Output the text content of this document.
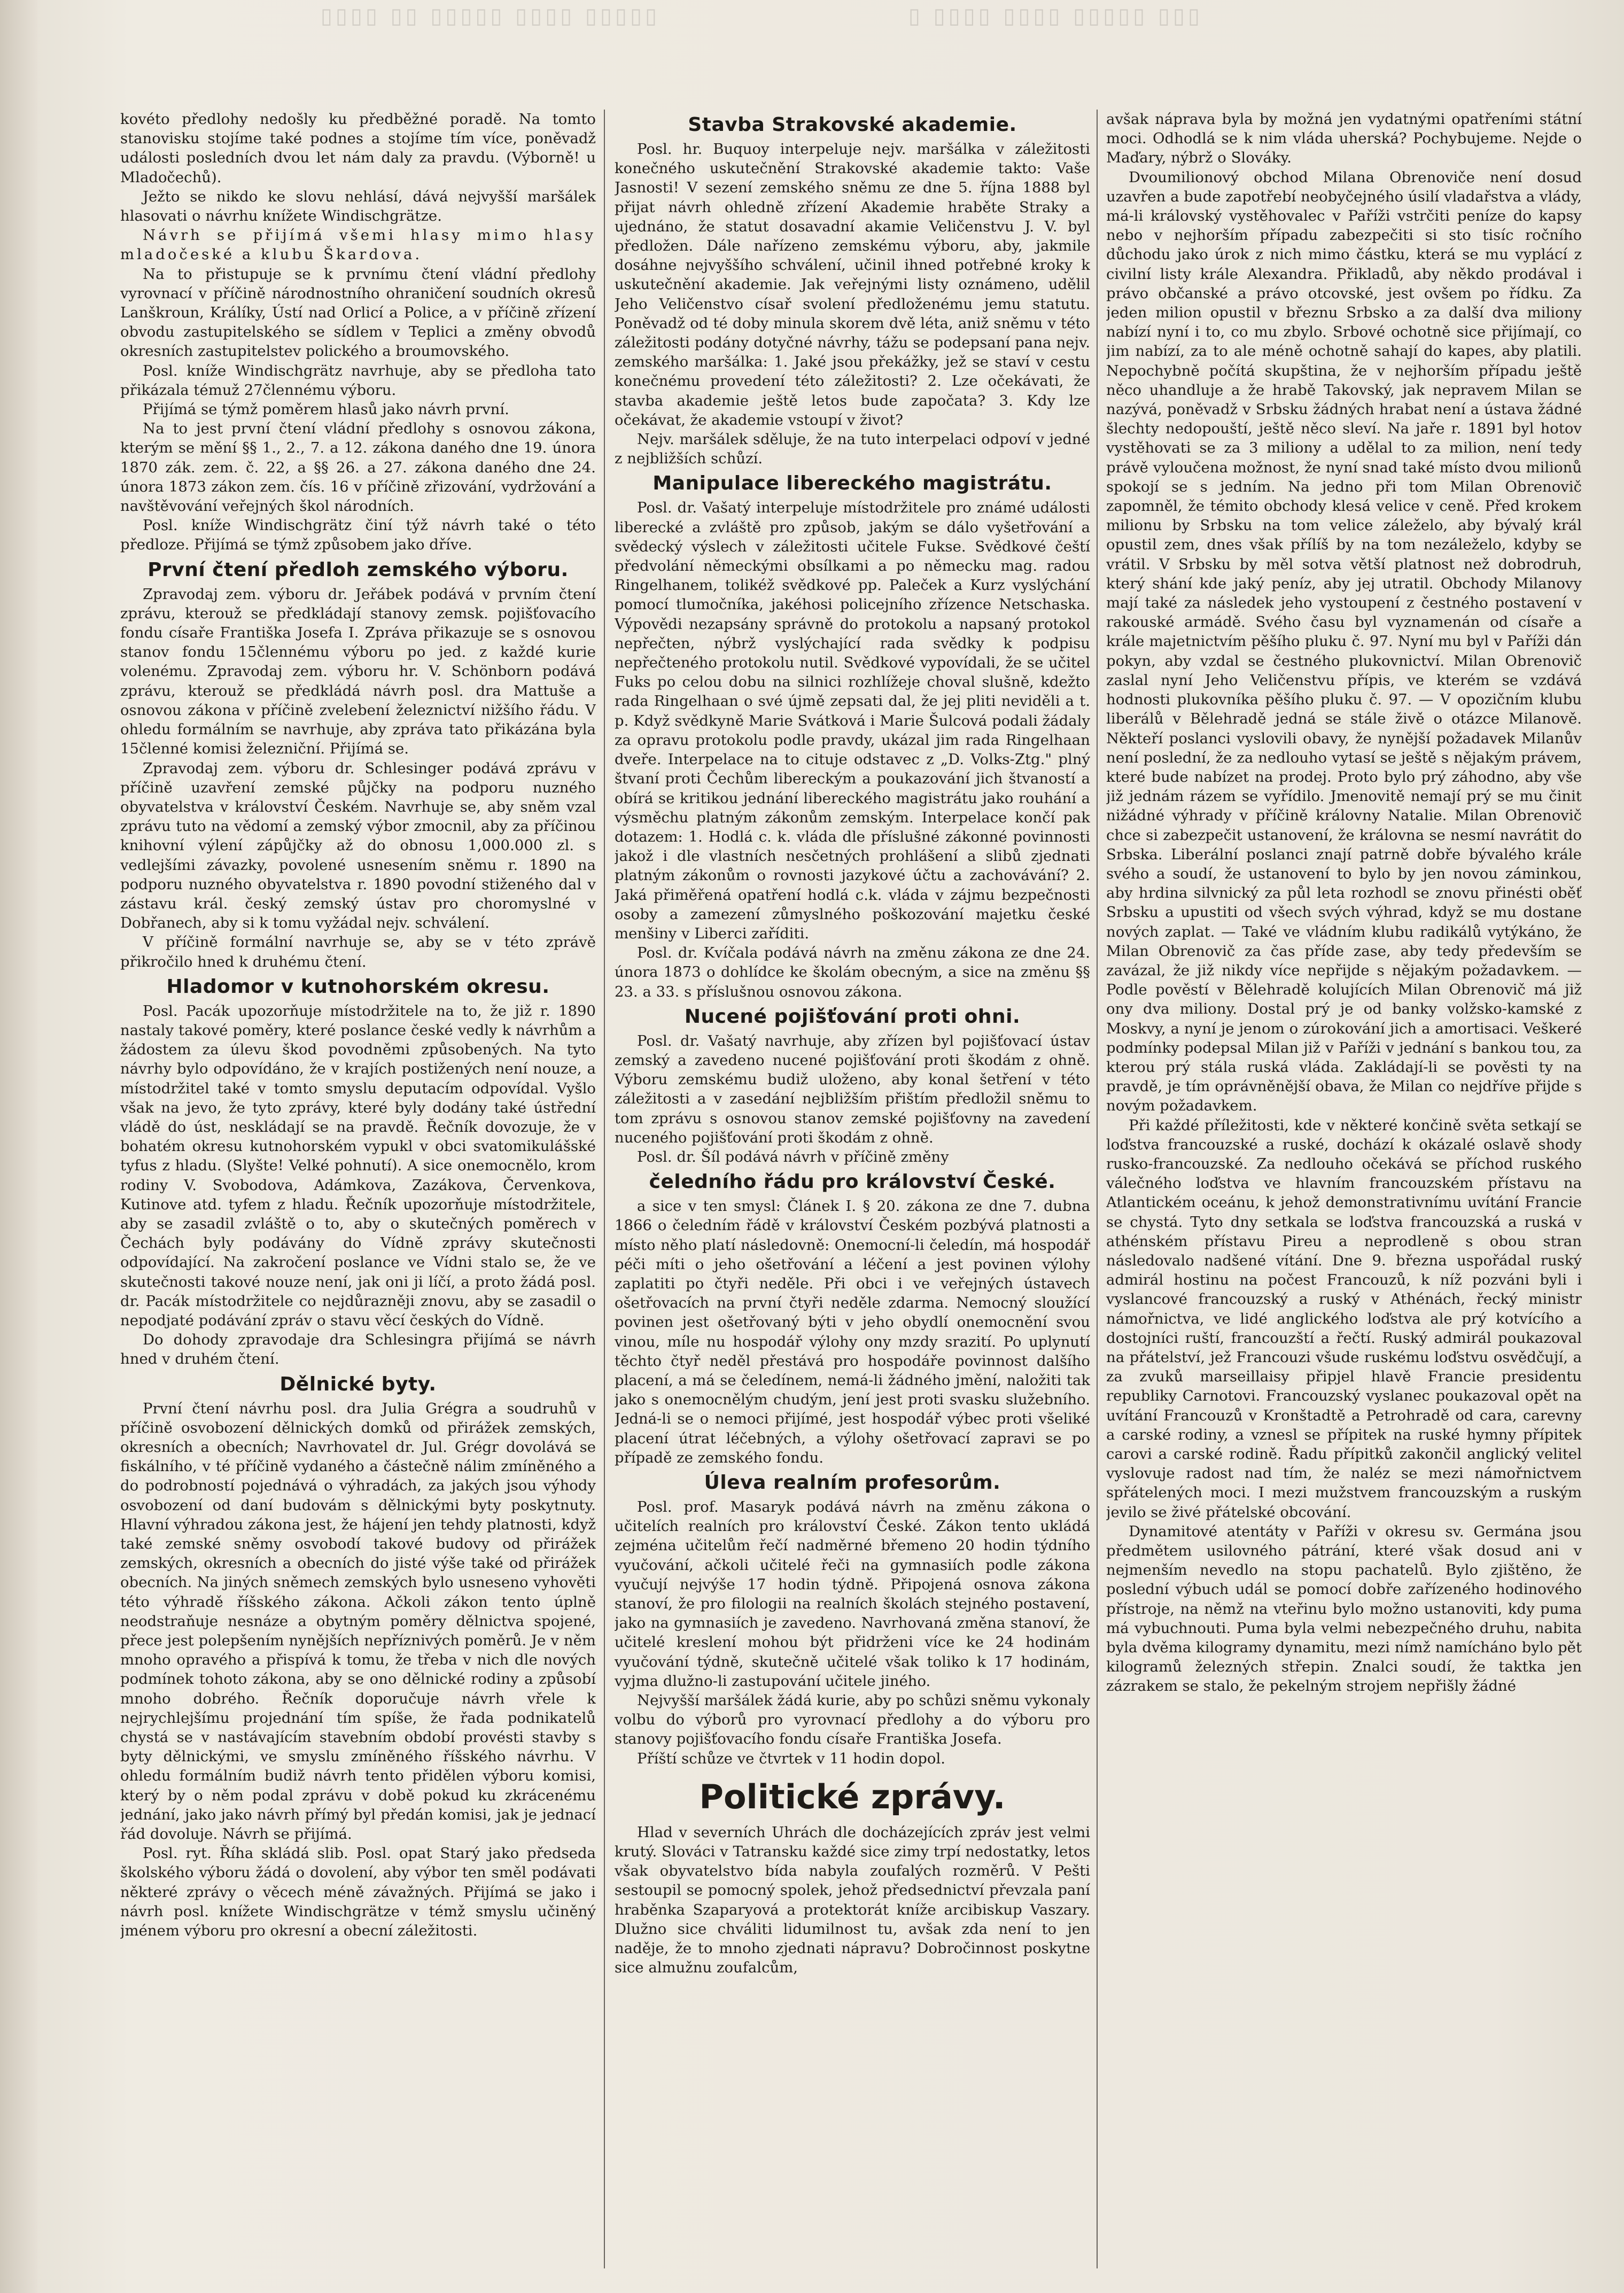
▯▯▯▯ ▯▯ ▯▯▯▯▯ ▯▯▯▯ ▯▯▯▯▯	▯ ▯▯▯▯ ▯▯▯▯ ▯▯▯▯▯ ▯▯▯

kovéto předlohy nedošly ku předběžné poradě. Na tomto stanovisku stojíme také podnes a stojíme tím více, poněvadž události posledních dvou let nám daly za pravdu. (Výborně! u Mladočechů).

Ježto se nikdo ke slovu nehlásí, dává nejvyšší maršálek hlasovati o návrhu knížete Windischgrätze.

Návrh se přijímá všemi hlasy mimo hlasy mladočeské a klubu Škardova.

Na to přistupuje se k prvnímu čtení vládní předlohy vyrovnací v příčině národnostního ohraničení soudních okresů Lanškroun, Králíky, Ústí nad Orlicí a Police, a v příčině zřízení obvodu zastupitelského se sídlem v Teplici a změny obvodů okresních zastupitelstev polického a broumovského.

Posl. kníže Windischgrätz navrhuje, aby se předloha tato přikázala témuž 27člennému výboru.

Přijímá se týmž poměrem hlasů jako návrh první.

Na to jest první čtení vládní předlohy s osnovou zákona, kterým se mění §§ 1., 2., 7. a 12. zákona daného dne 19. února 1870 zák. zem. č. 22, a §§ 26. a 27. zákona daného dne 24. února 1873 zákon zem. čís. 16 v příčině zřizování, vydržování a navštěvování veřejných škol národních.

Posl. kníže Windischgrätz činí týž návrh také o této předloze. Přijímá se týmž způsobem jako dříve.

První čtení předloh zemského výboru.

Zpravodaj zem. výboru dr. Jeřábek podává v prvním čtení zprávu, kterouž se předkládají stanovy zemsk. pojišťovacího fondu císaře Františka Josefa I. Zpráva přikazuje se s osnovou stanov fondu 15člennému výboru po jed. z každé kurie volenému. Zpravodaj zem. výboru hr. V. Schönborn podává zprávu, kterouž se předkládá návrh posl. dra Mattuše a osnovou zákona v příčině zvelebení železnictví nižšího řádu. V ohledu formálním se navrhuje, aby zpráva tato přikázána byla 15členné komisi železniční. Přijímá se.

Zpravodaj zem. výboru dr. Schlesinger podává zprávu v příčině uzavření zemské půjčky na podporu nuzného obyvatelstva v království Českém. Navrhuje se, aby sněm vzal zprávu tuto na vědomí a zemský výbor zmocnil, aby za příčinou knihovní výlení zápůjčky až do obnosu 1,000.000 zl. s vedlejšími závazky, povolené usnesením sněmu r. 1890 na podporu nuzného obyvatelstva r. 1890 povodní stiženého dal v zástavu král. český zemský ústav pro choromyslné v Dobřanech, aby si k tomu vyžádal nejv. schválení.

V příčině formální navrhuje se, aby se v této zprávě přikročilo hned k druhému čtení.

Hladomor v kutnohorském okresu.

Posl. Pacák upozorňuje místodržitele na to, že již r. 1890 nastaly takové poměry, které poslance české vedly k návrhům a žádostem za úlevu škod povodněmi způsobených. Na tyto návrhy bylo odpovídáno, že v krajích postižených není nouze, a místodržitel také v tomto smyslu deputacím odpovídal. Vyšlo však na jevo, že tyto zprávy, které byly dodány také ústřední vládě do úst, neskládají se na pravdě. Řečník dovozuje, že v bohatém okresu kutnohorském vypukl v obci svatomikulášské tyfus z hladu. (Slyšte! Velké pohnutí). A sice onemocnělo, krom rodiny V. Svobodova, Adámkova, Zazákova, Červenkova, Kutinove atd. tyfem z hladu. Řečník upozorňuje místodržitele, aby se zasadil zvláště o to, aby o skutečných poměrech v Čechách byly podávány do Vídně zprávy skutečnosti odpovídající. Na zakročení poslance ve Vídni stalo se, že ve skutečnosti takové nouze není, jak oni ji líčí, a proto žádá posl. dr. Pacák místodržitele co nejdůrazněji znovu, aby se zasadil o nepodjaté podávání zpráv o stavu věcí českých do Vídně.

Do dohody zpravodaje dra Schlesingra přijímá se návrh hned v druhém čtení.

Dělnické byty.

První čtení návrhu posl. dra Julia Grégra a soudruhů v příčině osvobození dělnických domků od přirážek zemských, okresních a obecních; Navrhovatel dr. Jul. Grégr dovolává se fiskálního, v té příčině vydaného a částečně nálim zmíněného a do podrobností pojednává o výhradách, za jakých jsou výhody osvobození od daní budovám s dělnickými byty poskytnuty. Hlavní výhradou zákona jest, že hájení jen tehdy platnosti, když také zemské sněmy osvobodí takové budovy od přirážek zemských, okresních a obecních do jisté výše také od přirážek obecních. Na jiných sněmech zemských bylo usneseno vyhověti této výhradě říšského zákona. Ačkoli zákon tento úplně neodstraňuje nesnáze a obytným poměry dělnictva spojené, přece jest polepšením nynějších nepříznivých poměrů. Je v něm mnoho opravého a přispívá k tomu, že třeba v nich dle nových podmínek tohoto zákona, aby se ono dělnické rodiny a způsobí mnoho dobrého. Řečník doporučuje návrh vřele k nejrychlejšímu projednání tím spíše, že řada podnikatelů chystá se v nastávajícím stavebním období provésti stavby s byty dělnickými, ve smyslu zmíněného říšského návrhu. V ohledu formálním budiž návrh tento přidělen výboru komisi, který by o něm podal zprávu v době pokud ku zkrácenému jednání, jako jako návrh přímý byl předán komisi, jak je jednací řád dovoluje. Návrh se přijímá.

Posl. ryt. Říha skládá slib. Posl. opat Starý jako předseda školského výboru žádá o dovolení, aby výbor ten směl podávati některé zprávy o věcech méně závažných. Přijímá se jako i návrh posl. knížete Windischgrätze v témž smyslu učiněný jménem výboru pro okresní a obecní záležitosti.

Stavba Strakovské akademie.

Posl. hr. Buquoy interpeluje nejv. maršálka v záležitosti konečného uskutečnění Strakovské akademie takto: Vaše Jasnosti! V sezení zemského sněmu ze dne 5. října 1888 byl přijat návrh ohledně zřízení Akademie hraběte Straky a ujednáno, že statut dosavadní akamie Veličenstvu J. V. byl předložen. Dále nařízeno zemskému výboru, aby, jakmile dosáhne nejvyššího schválení, učinil ihned potřebné kroky k uskutečnění akademie. Jak veřejnými listy oznámeno, udělil Jeho Veličenstvo císař svolení předloženému jemu statutu. Poněvadž od té doby minula skorem dvě léta, aniž sněmu v této záležitosti podány dotyčné návrhy, tážu se podepsaní pana nejv. zemského maršálka: 1. Jaké jsou překážky, jež se staví v cestu konečnému provedení této záležitosti? 2. Lze očekávati, že stavba akademie ještě letos bude započata? 3. Kdy lze očekávat, že akademie vstoupí v život?

Nejv. maršálek sděluje, že na tuto interpelaci odpoví v jedné z nejbližších schůzí.

Manipulace libereckého magistrátu.

Posl. dr. Vašatý interpeluje místodržitele pro známé události liberecké a zvláště pro způsob, jakým se dálo vyšetřování a svědecký výslech v záležitosti učitele Fukse. Svědkové čeští předvolání německými obsílkami a po německu mag. radou Ringelhanem, tolikéž svědkové pp. Paleček a Kurz vyslýchání pomocí tlumočníka, jakéhosi policejního zřízence Netschaska. Výpovědi nezapsány správně do protokolu a napsaný protokol nepřečten, nýbrž vyslýchající rada svědky k podpisu nepřečteného protokolu nutil. Svědkové vypovídali, že se učitel Fuks po celou dobu na silnici rozhlížeje choval slušně, kdežto rada Ringelhaan o své újmě zepsati dal, že jej pliti neviděli a t. p. Když svědkyně Marie Svátková i Marie Šulcová podali žádaly za opravu protokolu podle pravdy, ukázal jim rada Ringelhaan dveře. Interpelace na to cituje odstavec z „D. Volks-Ztg." plný štvaní proti Čechům libereckým a poukazování jich štvaností a obírá se kritikou jednání libereckého magistrátu jako rouhání a výsměchu platným zákonům zemským. Interpelace končí pak dotazem: 1. Hodlá c. k. vláda dle příslušné zákonné povinnosti jakož i dle vlastních nesčetných prohlášení a slibů zjednati platným zákonům o rovnosti jazykové účtu a zachovávání? 2. Jaká přiměřená opatření hodlá c.k. vláda v zájmu bezpečnosti osoby a zamezení zůmyslného poškozování majetku české menšiny v Liberci zaříditi.

Posl. dr. Kvíčala podává návrh na změnu zákona ze dne 24. února 1873 o dohlídce ke školám obecným, a sice na změnu §§ 23. a 33. s příslušnou osnovou zákona.

Nucené pojišťování proti ohni.

Posl. dr. Vašatý navrhuje, aby zřízen byl pojišťovací ústav zemský a zavedeno nucené pojišťování proti škodám z ohně. Výboru zemskému budiž uloženo, aby konal šetření v této záležitosti a v zasedání nejbližším přištím předložil sněmu to tom zprávu s osnovou stanov zemské pojišťovny na zavedení nuceného pojišťování proti škodám z ohně.

Posl. dr. Šíl podává návrh v příčině změny

čeledního řádu pro království České.

a sice v ten smysl: Článek I. § 20. zákona ze dne 7. dubna 1866 o čeledním řádě v království Českém pozbývá platnosti a místo něho platí následovně: Onemocní-li čeledín, má hospodář péči míti o jeho ošetřování a léčení a jest povinen výlohy zaplatiti po čtyři neděle. Při obci i ve veřejných ústavech ošetřovacích na první čtyři neděle zdarma. Nemocný sloužící povinen jest ošetřovaný býti v jeho obydlí onemocnění svou vinou, míle nu hospodář výlohy ony mzdy srazití. Po uplynutí těchto čtyř neděl přestává pro hospodáře povinnost dalšího placení, a má se čeledínem, nemá-li žádného jmění, naložiti tak jako s onemocnělým chudým, jení jest proti svasku služebního. Jedná-li se o nemoci přijímé, jest hospodář výbec proti všeliké placení útrat léčebných, a výlohy ošetřovací zapravi se po případě ze zemského fondu.

Úleva realním profesorům.

Posl. prof. Masaryk podává návrh na změnu zákona o učitelích realních pro království České. Zákon tento ukládá zejména učitelům řečí nadměrné břemeno 20 hodin týdního vyučování, ačkoli učitelé řeči na gymnasiích podle zákona vyučují nejvýše 17 hodin týdně. Připojená osnova zákona stanoví, že pro filologii na realních školách stejného postavení, jako na gymnasiích je zavedeno. Navrhovaná změna stanoví, že učitelé kreslení mohou být přidrženi více ke 24 hodinám vyučování týdně, skutečně učitelé však toliko k 17 hodinám, vyjma dlužno-li zastupování učitele jiného.

Nejvyšší maršálek žádá kurie, aby po schůzi sněmu vykonaly volbu do výborů pro vyrovnací předlohy a do výboru pro stanovy pojišťovacího fondu císaře Františka Josefa.

Příští schůze ve čtvrtek v 11 hodin dopol.

Politické zprávy.

Hlad v severních Uhrách dle docházejících zpráv jest velmi krutý. Slováci v Tatransku každé sice zimy trpí nedostatky, letos však obyvatelstvo bída nabyla zoufalých rozměrů. V Pešti sestoupil se pomocný spolek, jehož předsednictví převzala paní hraběnka Szaparyová a protektorát kníže arcibiskup Vaszary. Dlužno sice chváliti lidumilnost tu, avšak zda není to jen naděje, že to mnoho zjednati nápravu? Dobročinnost poskytne sice almužnu zoufalcům,

avšak náprava byla by možná jen vydatnými opatřeními státní moci. Odhodlá se k nim vláda uherská? Pochybujeme. Nejde o Maďary, nýbrž o Slováky.

Dvoumilionový obchod Milana Obrenoviče není dosud uzavřen a bude zapotřebí neobyčejného úsilí vladařstva a vlády, má-li královský vystěhovalec v Paříži vstrčiti peníze do kapsy nebo v nejhorším případu zabezpečiti si sto tisíc ročního důchodu jako úrok z nich mimo částku, která se mu vyplácí z civilní listy krále Alexandra. Přikladů, aby někdo prodával i právo občanské a právo otcovské, jest ovšem po řídku. Za jeden milion opustil v březnu Srbsko a za další dva miliony nabízí nyní i to, co mu zbylo. Srbové ochotně sice přijímají, co jim nabízí, za to ale méně ochotně sahají do kapes, aby platili. Nepochybně počítá skupština, že v nejhorším případu ještě něco uhandluje a že hrabě Takovský, jak nepravem Milan se nazývá, poněvadž v Srbsku žádných hrabat není a ústava žádné šlechty nedopouští, ještě něco sleví. Na jaře r. 1891 byl hotov vystěhovati se za 3 miliony a udělal to za milion, není tedy právě vyloučena možnost, že nyní snad také místo dvou milionů spokojí se s jedním. Na jedno při tom Milan Obrenovič zapomněl, že témito obchody klesá velice v ceně. Před krokem milionu by Srbsku na tom velice záleželo, aby bývalý král opustil zem, dnes však přílíš by na tom nezáleželo, kdyby se vrátil. V Srbsku by měl sotva větší platnost než dobrodruh, který shání kde jaký peníz, aby jej utratil. Obchody Milanovy mají také za následek jeho vystoupení z čestného postavení v rakouské armádě. Svého času byl vyznamenán od císaře a krále majetnictvím pěšího pluku č. 97. Nyní mu byl v Paříži dán pokyn, aby vzdal se čestného plukovnictví. Milan Obrenovič zaslal nyní Jeho Veličenstvu přípis, ve kterém se vzdává hodnosti plukovníka pěšího pluku č. 97. — V opozičním klubu liberálů v Bělehradě jedná se stále živě o otázce Milanově. Někteří poslanci vyslovili obavy, že nynější požadavek Milanův není poslední, že za nedlouho vytasí se ještě s nějakým právem, které bude nabízet na prodej. Proto bylo prý záhodno, aby vše již jednám rázem se vyřídilo. Jmenovitě nemají prý se mu činit nižádné výhrady v příčině královny Natalie. Milan Obrenovič chce si zabezpečit ustanovení, že královna se nesmí navrátit do Srbska. Liberální poslanci znají patrně dobře bývalého krále svého a soudí, že ustanovení to bylo by jen novou záminkou, aby hrdina silvnický za půl leta rozhodl se znovu přinésti oběť Srbsku a upustiti od všech svých výhrad, když se mu dostane nových zaplat. — Také ve vládním klubu radikálů vytýkáno, že Milan Obrenovič za čas příde zase, aby tedy především se zavázal, že již nikdy více nepřijde s nějakým požadavkem. — Podle pověstí v Bělehradě kolujících Milan Obrenovič má již ony dva miliony. Dostal prý je od banky volžsko-kamské z Moskvy, a nyní je jenom o zúrokování jich a amortisaci. Veškeré podmínky podepsal Milan již v Paříži v jednání s bankou tou, za kterou prý stála ruská vláda. Zakládají-li se pověsti ty na pravdě, je tím oprávněnější obava, že Milan co nejdříve přijde s novým požadavkem.

Při každé příležitosti, kde v některé končině světa setkají se loďstva francouzské a ruské, dochází k okázalé oslavě shody rusko-francouzské. Za nedlouho očekává se příchod ruského válečného loďstva ve hlavním francouzském přístavu na Atlantickém oceánu, k jehož demonstrativnímu uvítání Francie se chystá. Tyto dny setkala se loďstva francouzská a ruská v athénském přístavu Pireu a neprodleně s obou stran následovalo nadšené vítání. Dne 9. března uspořádal ruský admirál hostinu na počest Francouzů, k níž pozváni byli i vyslancové francouzský a ruský v Athénách, řecký ministr námořnictva, ve lidé anglického loďstva ale prý kotvícího a dostojníci ruští, francouzští a řečtí. Ruský admirál poukazoval na přátelství, jež Francouzi všude ruskému loďstvu osvědčují, a za zvuků marseillaisy připjel hlavě Francie presidentu republiky Carnotovi. Francouzský vyslanec poukazoval opět na uvítání Francouzů v Kronštadtě a Petrohradě od cara, carevny a carské rodiny, a vznesl se přípitek na ruské hymny přípitek carovi a carské rodině. Řadu přípitků zakončil anglický velitel vyslovuje radost nad tím, že naléz se mezi námořnictvem spřátelených moci. I mezi mužstvem francouzským a ruským jevilo se živé přátelské obcování.

Dynamitové atentáty v Paříži v okresu sv. Germána jsou předmětem usilovného pátrání, které však dosud ani v nejmenším nevedlo na stopu pachatelů. Bylo zjištěno, že poslední výbuch udál se pomocí dobře zařízeného hodinového přístroje, na němž na vteřinu bylo možno ustanoviti, kdy puma má vybuchnouti. Puma byla velmi nebezpečného druhu, nabita byla dvěma kilogramy dynamitu, mezi nímž namícháno bylo pět kilogramů železných střepin. Znalci soudí, že taktka jen zázrakem se stalo, že pekelným strojem nepřišly žádné
